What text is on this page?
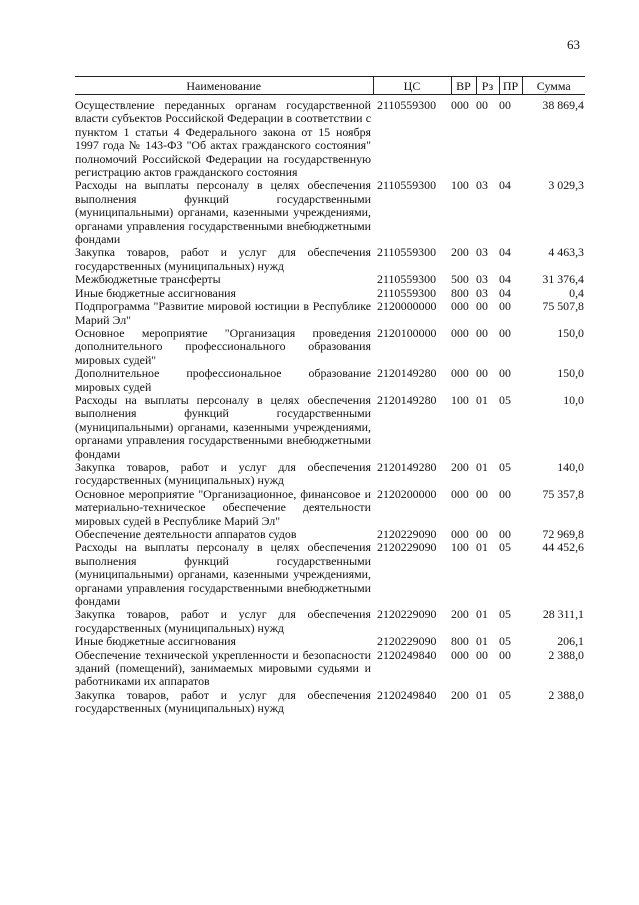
63
Наименование	ЦС	ВР	Рз	ПР	Сумма
Осуществление переданных органам государственной власти субъектов Российской Федерации в соответствии с пунктом 1 статьи 4 Федерального закона от 15 ноября 1997 года № 143-ФЗ "Об актах гражданского состояния" полномочий Российской Федерации на государственную регистрацию актов гражданского состояния	2110559300	000	00	00	38 869,4
Расходы на выплаты персоналу в целях обеспечения выполнения функций государственными (муниципальными) органами, казенными учреждениями, органами управления государственными внебюджетными фондами	2110559300	100	03	04	3 029,3
Закупка товаров, работ и услуг для обеспечения государственных (муниципальных) нужд	2110559300	200	03	04	4 463,3
Межбюджетные трансферты	2110559300	500	03	04	31 376,4
Иные бюджетные ассигнования	2110559300	800	03	04	0,4
Подпрограмма "Развитие мировой юстиции в Республике Марий Эл"	2120000000	000	00	00	75 507,8
Основное мероприятие "Организация проведения дополнительного профессионального образования мировых судей"	2120100000	000	00	00	150,0
Дополнительное профессиональное образование мировых судей	2120149280	000	00	00	150,0
Расходы на выплаты персоналу в целях обеспечения выполнения функций государственными (муниципальными) органами, казенными учреждениями, органами управления государственными внебюджетными фондами	2120149280	100	01	05	10,0
Закупка товаров, работ и услуг для обеспечения государственных (муниципальных) нужд	2120149280	200	01	05	140,0
Основное мероприятие "Организационное, финансовое и материально-техническое обеспечение деятельности мировых судей в Республике Марий Эл"	2120200000	000	00	00	75 357,8
Обеспечение деятельности аппаратов судов	2120229090	000	00	00	72 969,8
Расходы на выплаты персоналу в целях обеспечения выполнения функций государственными (муниципальными) органами, казенными учреждениями, органами управления государственными внебюджетными фондами	2120229090	100	01	05	44 452,6
Закупка товаров, работ и услуг для обеспечения государственных (муниципальных) нужд	2120229090	200	01	05	28 311,1
Иные бюджетные ассигнования	2120229090	800	01	05	206,1
Обеспечение технической укрепленности и безопасности зданий (помещений), занимаемых мировыми судьями и работниками их аппаратов	2120249840	000	00	00	2 388,0
Закупка товаров, работ и услуг для обеспечения государственных (муниципальных) нужд	2120249840	200	01	05	2 388,0
